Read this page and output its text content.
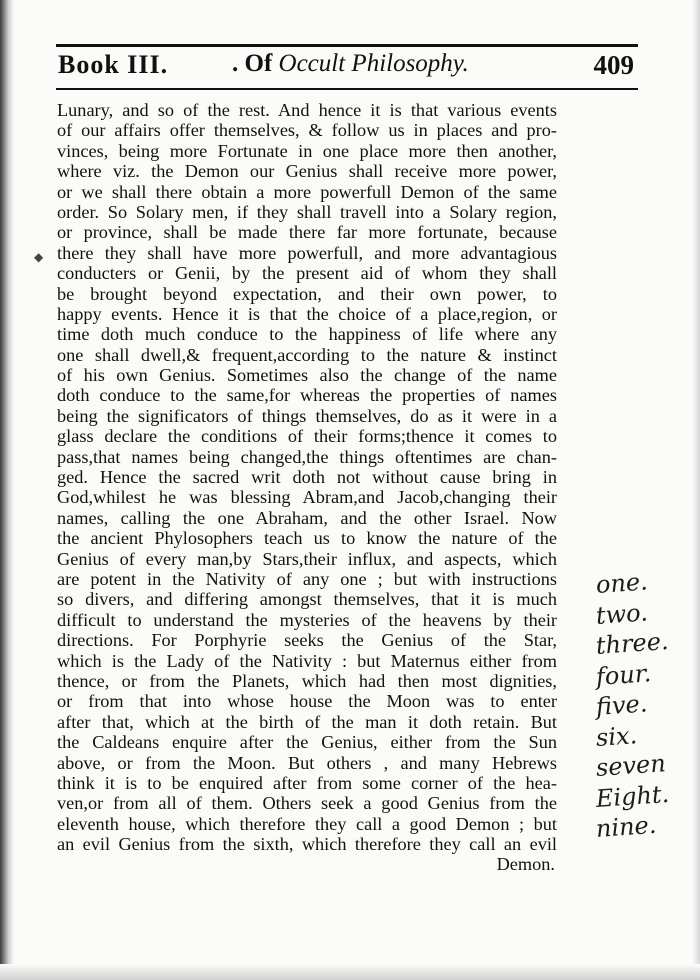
Book III.	. Of Occult Philosophy.	409
◆
Lunary, and so of the rest. And hence it is that various events
of our affairs offer themselves, & follow us in places and pro-
vinces, being more Fortunate in one place more then another,
where viz. the Demon our Genius shall receive more power,
or we shall there obtain a more powerfull Demon of the same
order. So Solary men, if they shall travell into a Solary region,
or province, shall be made there far more fortunate, because
there they shall have more powerfull, and more advantagious
conducters or Genii, by the present aid of whom they shall
be brought beyond expectation, and their own power, to
happy events. Hence it is that the choice of a place,region, or
time doth much conduce to the happiness of life where any
one shall dwell,& frequent,according to the nature & instinct
of his own Genius. Sometimes also the change of the name
doth conduce to the same,for whereas the properties of names
being the significators of things themselves, do as it were in a
glass declare the conditions of their forms;thence it comes to
pass,that names being changed,the things oftentimes are chan-
ged. Hence the sacred writ doth not without cause bring in
God,whilest he was blessing Abram,and Jacob,changing their
names, calling the one Abraham, and the other Israel. Now
the ancient Phylosophers teach us to know the nature of the
Genius of every man,by Stars,their influx, and aspects, which
are potent in the Nativity of any one ; but with instructions
so divers, and differing amongst themselves, that it is much
difficult to understand the mysteries of the heavens by their
directions. For Porphyrie seeks the Genius of the Star,
which is the Lady of the Nativity : but Maternus either from
thence, or from the Planets, which had then most dignities,
or from that into whose house the Moon was to enter
after that, which at the birth of the man it doth retain. But
the Caldeans enquire after the Genius, either from the Sun
above, or from the Moon. But others , and many Hebrews
think it is to be enquired after from some corner of the hea-
ven,or from all of them. Others seek a good Genius from the
eleventh house, which therefore they call a good Demon ; but
an evil Genius from the sixth, which therefore they call an evil
Demon.
one.
two.
three.
four.
five.
six.
seven
Eight.
nine.
